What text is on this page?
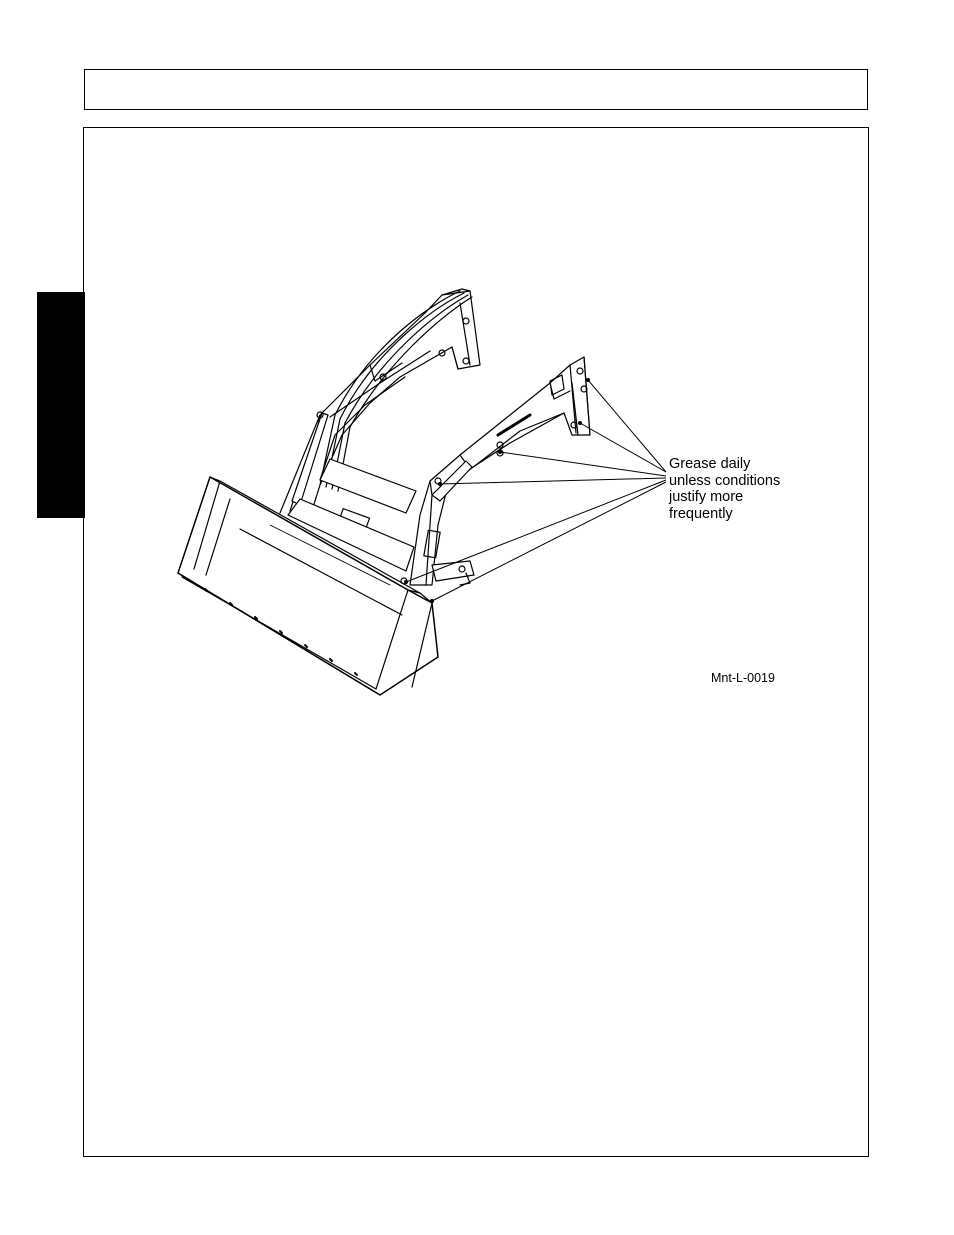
Grease daily
unless conditions
justify more
frequently
Mnt-L-0019
